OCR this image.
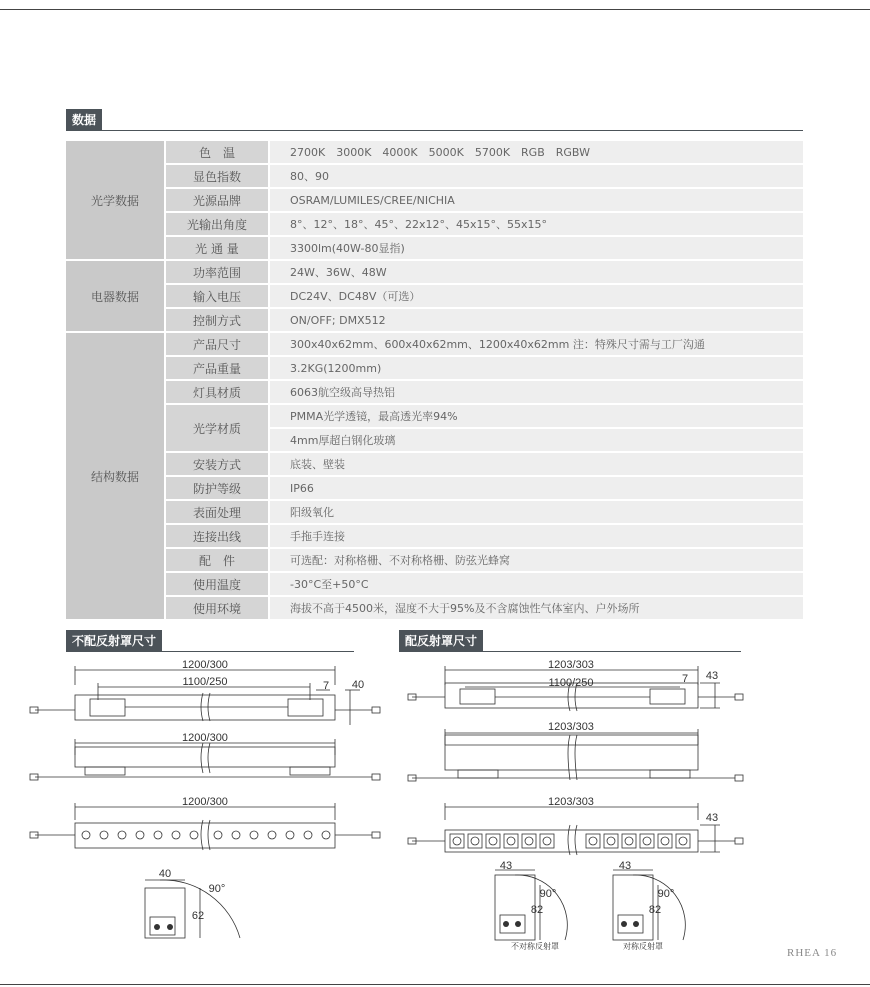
数据
光学数据	色　温	2700K　3000K　4000K　5000K　5700K　RGB　RGBW
	显色指数	80、90
	光源品牌	OSRAM/LUMILES/CREE/NICHIA
	光输出角度	8°、12°、18°、45°、22x12°、45x15°、55x15°
	光 通 量	3300lm(40W-80显指)
电器数据	功率范围	24W、36W、48W
	输入电压	DC24V、DC48V（可选）
	控制方式	ON/OFF; DMX512
结构数据	产品尺寸	300x40x62mm、600x40x62mm、1200x40x62mm 注：特殊尺寸需与工厂沟通
	产品重量	3.2KG(1200mm)
	灯具材质	6063航空级高导热铝
	光学材质	PMMA光学透镜，最高透光率94%
		4mm厚超白钢化玻璃
	安装方式	底装、壁装
	防护等级	IP66
	表面处理	阳级氧化
	连接出线	手拖手连接
	配　件	可选配：对称格栅、不对称格栅、防弦光蜂窝
	使用温度	-30°C至+50°C
	使用环境	海拔不高于4500米，湿度不大于95%及不含腐蚀性气体室内、户外场所
不配反射罩尺寸	配反射罩尺寸
1200/300
1100/250	7 40
1200/300
1200/300
40
90°
62
1203/303
1100/250	7 43
1203/303
1203/303
43
43
90°
82
不对称反射罩
43
90°
82
对称反射罩
RHEA 16
